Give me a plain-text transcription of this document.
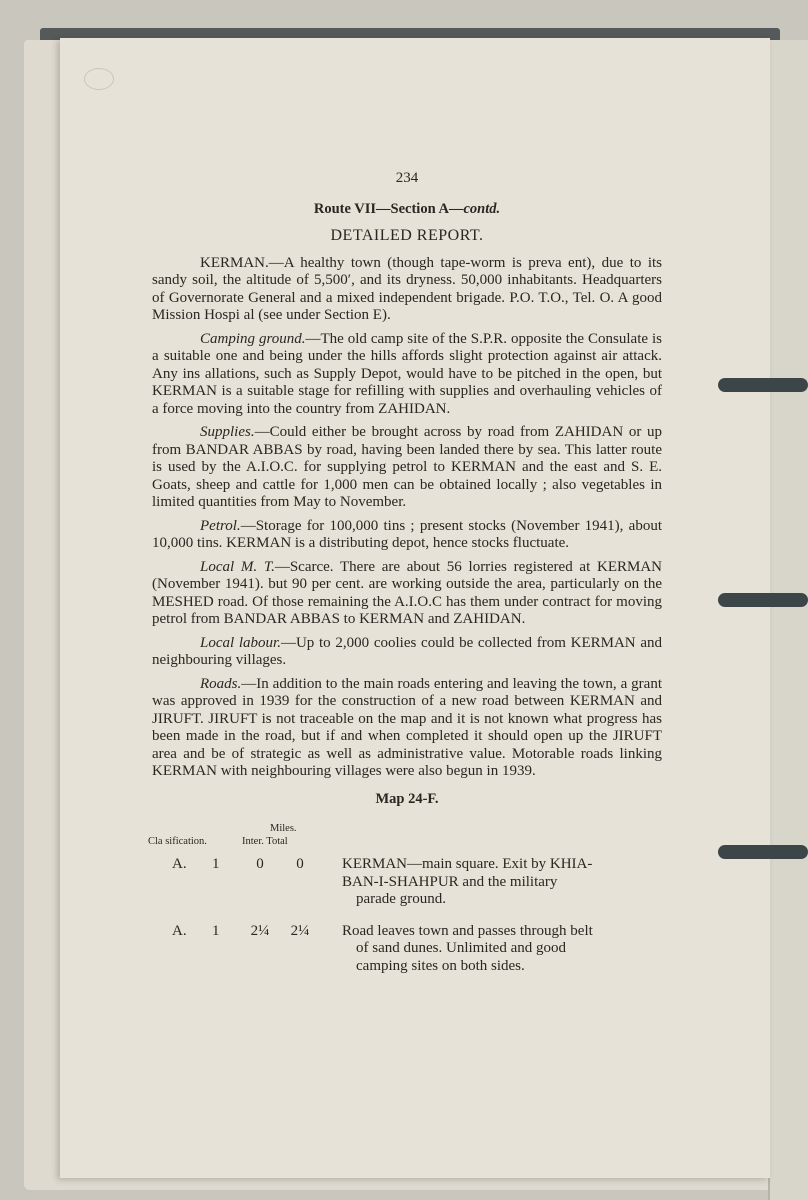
234
Route VII—Section A—contd.
DETAILED REPORT.

KERMAN.—A healthy town (though tape-worm is preva ent), due to its sandy soil, the altitude of 5,500′, and its dryness. 50,000 inhabitants. Headquarters of Governorate General and a mixed independent brigade. P.O. T.O., Tel. O. A good Mission Hospi al (see under Section E).

Camping ground.—The old camp site of the S.P.R. opposite the Consulate is a suitable one and being under the hills affords slight protection against air attack. Any ins allations, such as Supply Depot, would have to be pitched in the open, but KERMAN is a suitable stage for refilling with supplies and overhauling vehicles of a force moving into the country from ZAHIDAN.

Supplies.—Could either be brought across by road from ZAHIDAN or up from BANDAR ABBAS by road, having been landed there by sea. This latter route is used by the A.I.O.C. for supplying petrol to KERMAN and the east and S. E. Goats, sheep and cattle for 1,000 men can be obtained locally ; also vegetables in limited quantities from May to November.

Petrol.—Storage for 100,000 tins ; present stocks (November 1941), about 10,000 tins. KERMAN is a distributing depot, hence stocks fluctuate.

Local M. T.—Scarce. There are about 56 lorries registered at KERMAN (November 1941). but 90 per cent. are working outside the area, particularly on the MESHED road. Of those remaining the A.I.O.C has them under contract for moving petrol from BANDAR ABBAS to KERMAN and ZAHIDAN.

Local labour.—Up to 2,000 coolies could be collected from KERMAN and neighbouring villages.

Roads.—In addition to the main roads entering and leaving the town, a grant was approved in 1939 for the construction of a new road between KERMAN and JIRUFT. JIRUFT is not traceable on the map and it is not known what progress has been made in the road, but if and when completed it should open up the JIRUFT area and be of strategic as well as administrative value. Motorable roads linking KERMAN with neighbouring villages were also begun in 1939.

Map 24-F.
Miles.
Cla sification.	Inter. Total
A.	1	0	0	KERMAN—main square. Exit by KHIA-
BAN-I-SHAHPUR and the military
parade ground.
A.	1	2¼	2¼	Road leaves town and passes through belt
of sand dunes. Unlimited and good
camping sites on both sides.
